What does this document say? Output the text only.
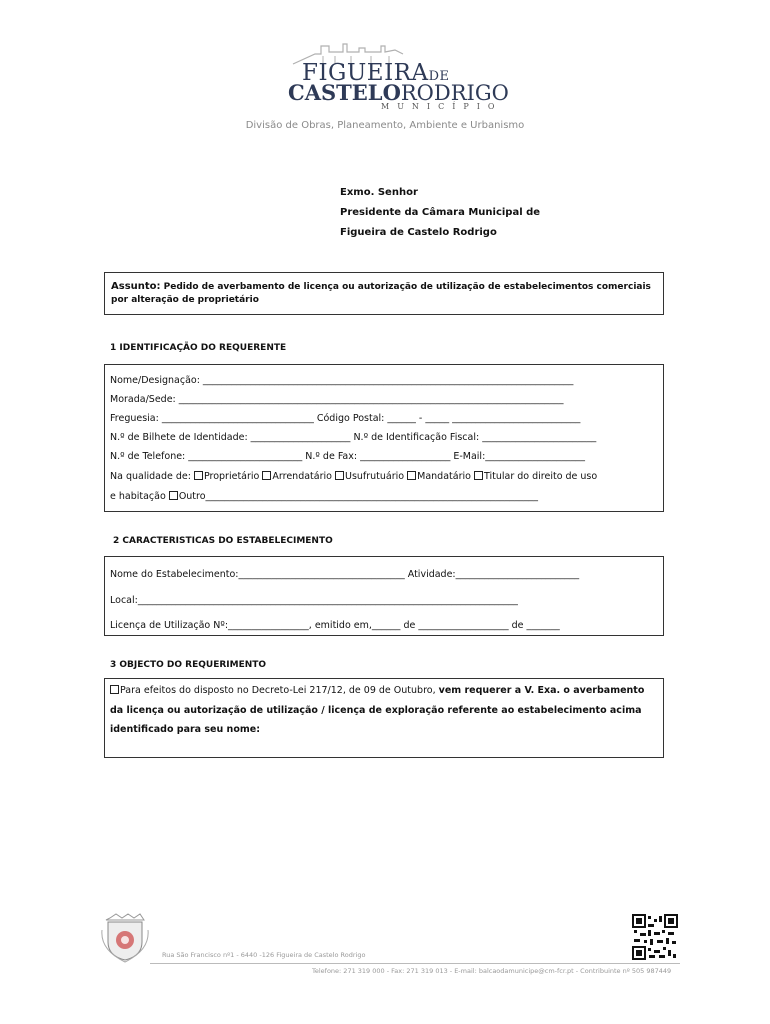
FIGUEIRADE
CASTELORODRIGO
MUNICÍPIO
Divisão de Obras, Planeamento, Ambiente e Urbanismo
Exmo. Senhor
Presidente da Câmara Municipal de
Figueira de Castelo Rodrigo
Assunto: Pedido de averbamento de licença ou autorização de utilização de estabelecimentos comerciais
por alteração de proprietário
1 IDENTIFICAÇÃO DO REQUERENTE
Nome/Designação: ______________________________________________________________________________
Morada/Sede: _________________________________________________________________________________
Freguesia: ________________________________ Código Postal: ______ - _____ ___________________________
N.º de Bilhete de Identidade: _____________________ N.º de Identificação Fiscal: ________________________
N.º de Telefone: ________________________ N.º de Fax: ___________________ E-Mail:_____________________
Na qualidade de: Proprietário Arrendatário Usufrutuário Mandatário Titular do direito de uso
e habitação Outro______________________________________________________________________
2 CARACTERISTICAS DO ESTABELECIMENTO
Nome do Estabelecimento:___________________________________ Atividade:__________________________
Local:________________________________________________________________________________
Licença de Utilização Nº:_________________, emitido em,______ de ___________________ de _______
3 OBJECTO DO REQUERIMENTO
Para efeitos do disposto no Decreto-Lei 217/12, de 09 de Outubro, vem requerer a V. Exa. o averbamento
da licença ou autorização de utilização / licença de exploração referente ao estabelecimento acima
identificado para seu nome:
Rua São Francisco nº1 - 6440 -126 Figueira de Castelo Rodrigo
Telefone: 271 319 000 - Fax: 271 319 013 - E-mail: balcaodamunicipe@cm-fcr.pt - Contribuinte nº 505 987449
